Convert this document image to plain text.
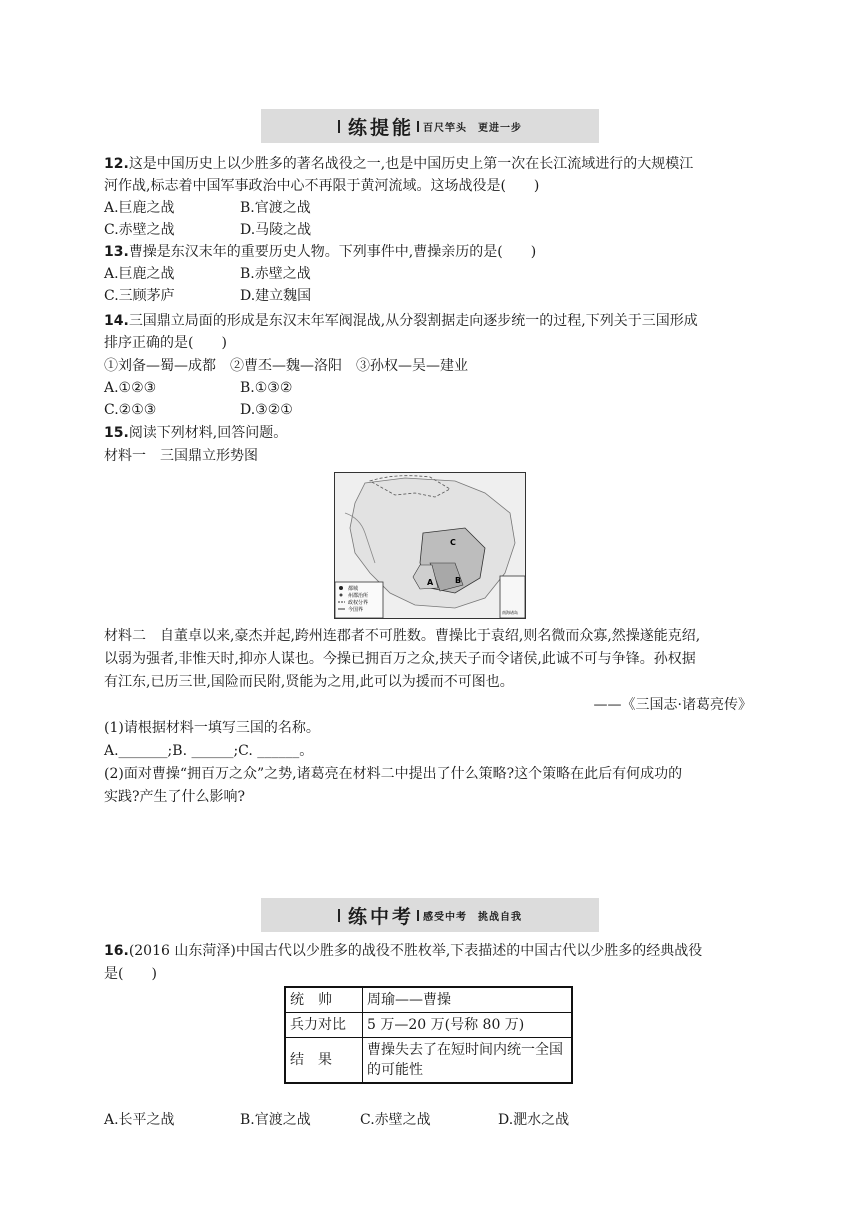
练提能 百尺竿头　更进一步
12.这是中国历史上以少胜多的著名战役之一,也是中国历史上第一次在长江流域进行的大规模江
河作战,标志着中国军事政治中心不再限于黄河流域。这场战役是(　　)
A.巨鹿之战	B.官渡之战
C.赤壁之战	D.马陵之战
13.曹操是东汉末年的重要历史人物。下列事件中,曹操亲历的是(　　)
A.巨鹿之战	B.赤壁之战
C.三顾茅庐	D.建立魏国
14.三国鼎立局面的形成是东汉末年军阀混战,从分裂割据走向逐步统一的过程,下列关于三国形成
排序正确的是(　　)
①刘备—蜀—成都　②曹丕—魏—洛阳　③孙权—吴—建业
A.①②③	B.①③②
C.②①③	D.③②①
15.阅读下列材料,回答问题。
材料一　三国鼎立形势图
都城
州郡治所
政权分界
今国界	南海诸岛
C
B
A
材料二　自董卓以来,豪杰并起,跨州连郡者不可胜数。曹操比于袁绍,则名微而众寡,然操遂能克绍,
以弱为强者,非惟天时,抑亦人谋也。今操已拥百万之众,挟天子而令诸侯,此诚不可与争锋。孙权据
有江东,已历三世,国险而民附,贤能为之用,此可以为援而不可图也。
——《三国志·诸葛亮传》
(1)请根据材料一填写三国的名称。
A._______;B. ______;C. ______。
(2)面对曹操“拥百万之众”之势,诸葛亮在材料二中提出了什么策略?这个策略在此后有何成功的
实践?产生了什么影响?
练中考 感受中考　挑战自我
16.(2016 山东菏泽)中国古代以少胜多的战役不胜枚举,下表描述的中国古代以少胜多的经典战役
是(　　)
统　帅	周瑜——曹操
兵力对比	5 万—20 万(号称 80 万)
结　果	曹操失去了在短时间内统一全国的可能性
A.长平之战	B.官渡之战	C.赤壁之战	D.淝水之战
